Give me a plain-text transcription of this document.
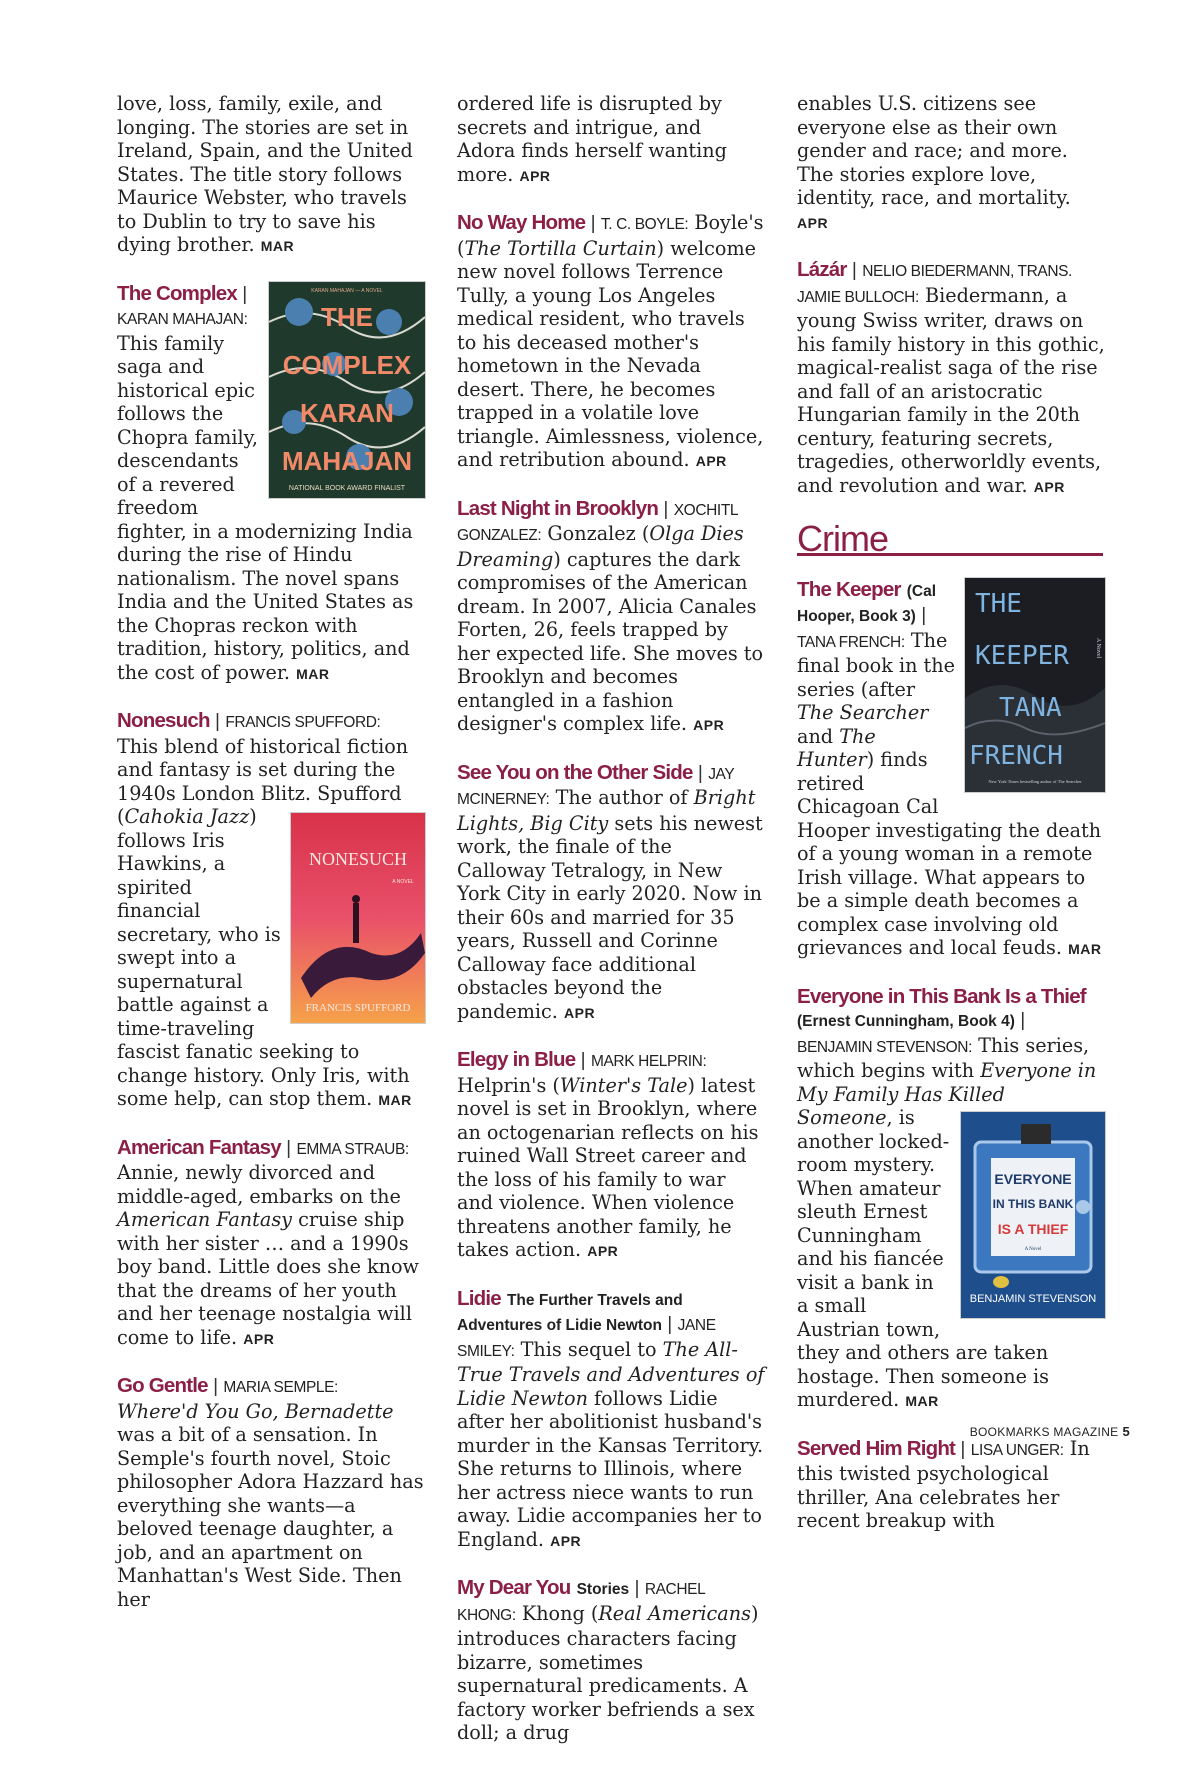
love, loss, family, exile, and longing. The stories are set in Ireland, Spain, and the United States. The title story follows Maurice Webster, who travels to Dublin to try to save his dying brother. MAR
KARAN MAHAJAN — A NOVEL
THE
COMPLEX
KARAN
MAHAJAN
NATIONAL BOOK AWARD FINALIST
The Complex | KARAN MAHAJAN: This family saga and historical epic follows the Chopra family, descendants of a revered freedom fighter, in a modernizing India during the rise of Hindu nationalism. The novel spans India and the United States as the Chopras reckon with tradition, history, politics, and the cost of power. MAR
Nonesuch | FRANCIS SPUFFORD: This blend of historical fiction and fantasy is set during the 1940s London Blitz. Spufford (Cahokia Jazz
NONESUCH
A NOVEL
FRANCIS SPUFFORD
) follows Iris Hawkins, a spirited financial secretary, who is swept into a supernatural battle against a time-traveling fascist fanatic seeking to change history. Only Iris, with some help, can stop them. MAR
American Fantasy | EMMA STRAUB: Annie, newly divorced and middle-aged, embarks on the American Fantasy cruise ship with her sister … and a 1990s boy band. Little does she know that the dreams of her youth and her teenage nostalgia will come to life. APR
Go Gentle | MARIA SEMPLE: Where'd You Go, Bernadette was a bit of a sensation. In Semple's fourth novel, Stoic philosopher Adora Hazzard has everything she wants—a beloved teenage daughter, a job, and an apartment on Manhattan's West Side. Then her
ordered life is disrupted by secrets and intrigue, and Adora finds herself wanting more. APR
No Way Home | T. C. BOYLE: Boyle's (The Tortilla Curtain) welcome new novel follows Terrence Tully, a young Los Angeles medical resident, who travels to his deceased mother's hometown in the Nevada desert. There, he becomes trapped in a volatile love triangle. Aimlessness, violence, and retribution abound. APR
Last Night in Brooklyn | XOCHITL GONZALEZ: Gonzalez (Olga Dies Dreaming) captures the dark compromises of the American dream. In 2007, Alicia Canales Forten, 26, feels trapped by her expected life. She moves to Brooklyn and becomes entangled in a fashion designer's complex life. APR
See You on the Other Side | JAY MCINERNEY: The author of Bright Lights, Big City sets his newest work, the finale of the Calloway Tetralogy, in New York City in early 2020. Now in their 60s and married for 35 years, Russell and Corinne Calloway face additional obstacles beyond the pandemic. APR
Elegy in Blue | MARK HELPRIN: Helprin's (Winter's Tale) latest novel is set in Brooklyn, where an octogenarian reflects on his ruined Wall Street career and the loss of his family to war and violence. When violence threatens another family, he takes action. APR
Lidie The Further Travels and Adventures of Lidie Newton | JANE SMILEY: This sequel to The All-True Travels and Adventures of Lidie Newton follows Lidie after her abolitionist husband's murder in the Kansas Territory. She returns to Illinois, where her actress niece wants to run away. Lidie accompanies her to England. APR
My Dear You Stories | RACHEL KHONG: Khong (Real Americans) introduces characters facing bizarre, sometimes supernatural predicaments. A factory worker befriends a sex doll; a drug
enables U.S. citizens see everyone else as their own gender and race; and more. The stories explore love, identity, race, and mortality. APR
Lázár | NELIO BIEDERMANN, TRANS. JAMIE BULLOCH: Biedermann, a young Swiss writer, draws on his family history in this gothic, magical-realist saga of the rise and fall of an aristocratic Hungarian family in the 20th century, featuring secrets, tragedies, otherworldly events, and revolution and war. APR
Crime
THE
KEEPER
TANA
FRENCH
A Novel
New York Times bestselling author of The Searcher
The Keeper (Cal Hooper, Book 3) | TANA FRENCH: The final book in the series (after The Searcher and The Hunter) finds retired Chicagoan Cal Hooper investigating the death of a young woman in a remote Irish village. What appears to be a simple death becomes a complex case involving old grievances and local feuds. MAR
Everyone in This Bank Is a Thief (Ernest Cunningham, Book 4) | BENJAMIN STEVENSON: This series, which begins with Everyone in My Family Has Killed Someone
EVERYONE
IN THIS BANK
IS A THIEF
A Novel
BENJAMIN STEVENSON
, is another locked-room mystery. When amateur sleuth Ernest Cunningham and his fiancée visit a bank in a small Austrian town, they and others are taken hostage. Then someone is murdered. MAR
Served Him Right | LISA UNGER: In this twisted psychological thriller, Ana celebrates her recent breakup with
BOOKMARKS MAGAZINE 5
